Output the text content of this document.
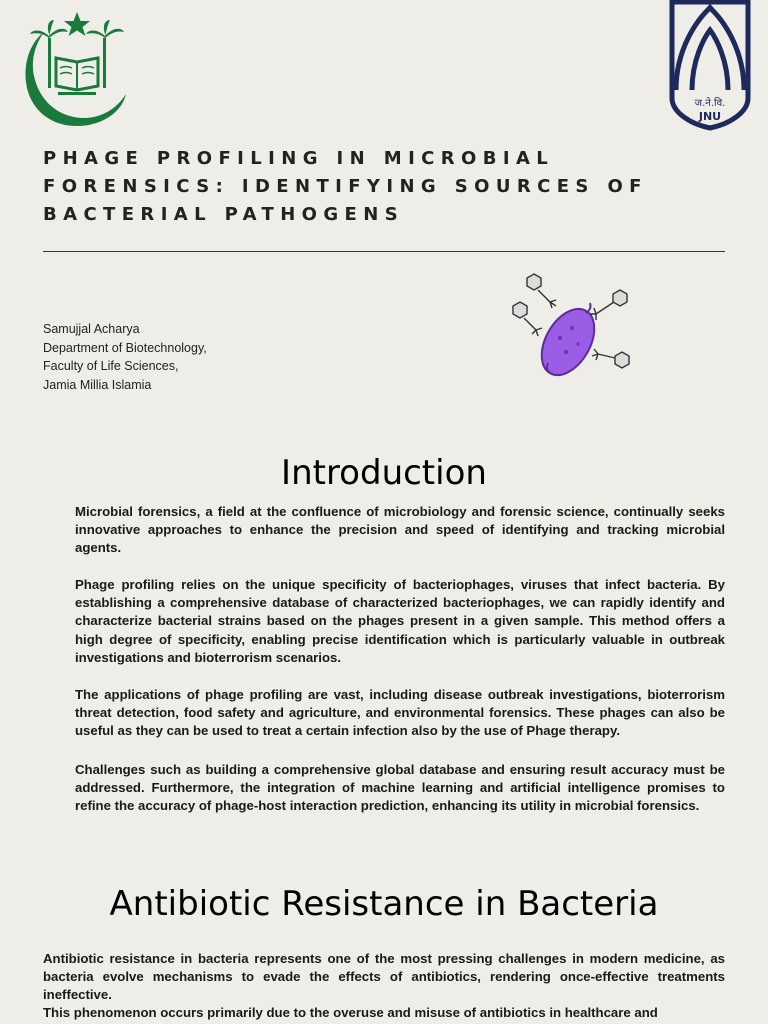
ज.ने.वि.
JNU
PHAGE PROFILING IN MICROBIAL FORENSICS: IDENTIFYING SOURCES OF BACTERIAL PATHOGENS
Samujjal Acharya
Department of Biotechnology,
Faculty of Life Sciences,
Jamia Millia Islamia
Introduction

Microbial forensics, a field at the confluence of microbiology and forensic science, continually seeks innovative approaches to enhance the precision and speed of identifying and tracking microbial agents.

Phage profiling relies on the unique specificity of bacteriophages, viruses that infect bacteria. By establishing a comprehensive database of characterized bacteriophages, we can rapidly identify and characterize bacterial strains based on the phages present in a given sample. This method offers a high degree of specificity, enabling precise identification which is particularly valuable in outbreak investigations and bioterrorism scenarios.

The applications of phage profiling are vast, including disease outbreak investigations, bioterrorism threat detection, food safety and agriculture, and environmental forensics. These phages can also be useful as they can be used to treat a certain infection also by the use of Phage therapy.

Challenges such as building a comprehensive global database and ensuring result accuracy must be addressed. Furthermore, the integration of machine learning and artificial intelligence promises to refine the accuracy of phage-host interaction prediction, enhancing its utility in microbial forensics.

Antibiotic Resistance in Bacteria

Antibiotic resistance in bacteria represents one of the most pressing challenges in modern medicine, as bacteria evolve mechanisms to evade the effects of antibiotics, rendering once-effective treatments ineffective.

This phenomenon occurs primarily due to the overuse and misuse of antibiotics in healthcare and
